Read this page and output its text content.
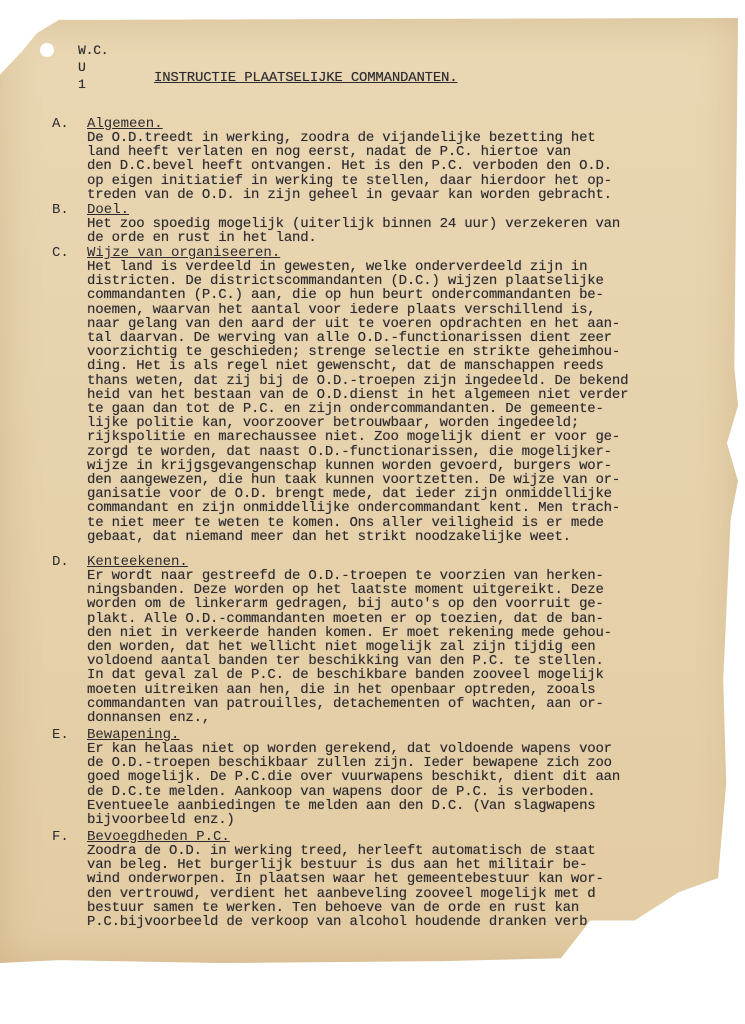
W.C.
U
1	INSTRUCTIE PLAATSELIJKE COMMANDANTEN.
A. Algemeen.
De O.D.treedt in werking, zoodra de vijandelijke bezetting het
land heeft verlaten en nog eerst, nadat de P.C. hiertoe van
den D.C.bevel heeft ontvangen. Het is den P.C. verboden den O.D.
op eigen initiatief in werking te stellen, daar hierdoor het op-
treden van de O.D. in zijn geheel in gevaar kan worden gebracht.
B. Doel.
Het zoo spoedig mogelijk (uiterlijk binnen 24 uur) verzekeren van
de orde en rust in het land.
C. Wijze van organiseeren.
Het land is verdeeld in gewesten, welke onderverdeeld zijn in
districten. De districtscommandanten (D.C.) wijzen plaatselijke
commandanten (P.C.) aan, die op hun beurt ondercommandanten be-
noemen, waarvan het aantal voor iedere plaats verschillend is,
naar gelang van den aard der uit te voeren opdrachten en het aan-
tal daarvan. De werving van alle O.D.-functionarissen dient zeer
voorzichtig te geschieden; strenge selectie en strikte geheimhou-
ding. Het is als regel niet gewenscht, dat de manschappen reeds
thans weten, dat zij bij de O.D.-troepen zijn ingedeeld. De bekend
heid van het bestaan van de O.D.dienst in het algemeen niet verder
te gaan dan tot de P.C. en zijn ondercommandanten. De gemeente-
lijke politie kan, voorzoover betrouwbaar, worden ingedeeld;
rijkspolitie en marechaussee niet. Zoo mogelijk dient er voor ge-
zorgd te worden, dat naast O.D.-functionarissen, die mogelijker-
wijze in krijgsgevangenschap kunnen worden gevoerd, burgers wor-
den aangewezen, die hun taak kunnen voortzetten. De wijze van or-
ganisatie voor de O.D. brengt mede, dat ieder zijn onmiddellijke
commandant en zijn onmiddellijke ondercommandant kent. Men trach-
te niet meer te weten te komen. Ons aller veiligheid is er mede
gebaat, dat niemand meer dan het strikt noodzakelijke weet.
D. Kenteekenen.
Er wordt naar gestreefd de O.D.-troepen te voorzien van herken-
ningsbanden. Deze worden op het laatste moment uitgereikt. Deze
worden om de linkerarm gedragen, bij auto's op den voorruit ge-
plakt. Alle O.D.-commandanten moeten er op toezien, dat de ban-
den niet in verkeerde handen komen. Er moet rekening mede gehou-
den worden, dat het wellicht niet mogelijk zal zijn tijdig een
voldoend aantal banden ter beschikking van den P.C. te stellen.
In dat geval zal de P.C. de beschikbare banden zooveel mogelijk
moeten uitreiken aan hen, die in het openbaar optreden, zooals
commandanten van patrouilles, detachementen of wachten, aan or-
donnansen enz.,
E. Bewapening.
Er kan helaas niet op worden gerekend, dat voldoende wapens voor
de O.D.-troepen beschikbaar zullen zijn. Ieder bewapene zich zoo
goed mogelijk. De P.C.die over vuurwapens beschikt, dient dit aan
de D.C.te melden. Aankoop van wapens door de P.C. is verboden.
Eventueele aanbiedingen te melden aan den D.C. (Van slagwapens
bijvoorbeeld enz.)
F. Bevoegdheden P.C.
Zoodra de O.D. in werking treed, herleeft automatisch de staat
van beleg. Het burgerlijk bestuur is dus aan het militair be-
wind onderworpen. In plaatsen waar het gemeentebestuur kan wor-
den vertrouwd, verdient het aanbeveling zooveel mogelijk met d
bestuur samen te werken. Ten behoeve van de orde en rust kan
P.C.bijvoorbeeld de verkoop van alcohol houdende dranken verb
